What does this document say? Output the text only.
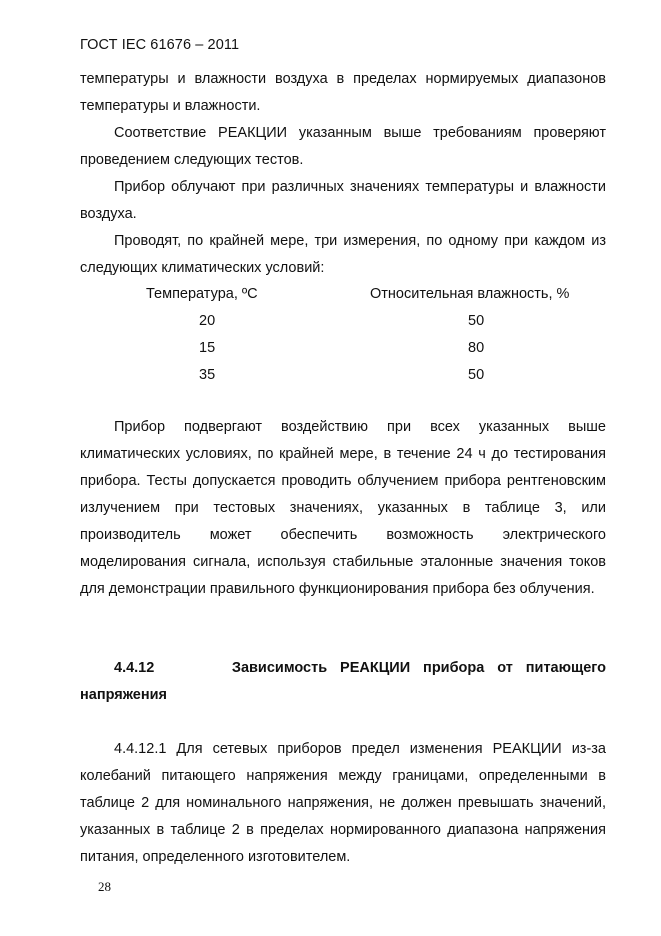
ГОСТ IEC 61676 – 2011

температуры и влажности воздуха в пределах нормируемых диапазонов температуры и влажности.

Соответствие РЕАКЦИИ указанным выше требованиям проверяют проведением следующих тестов.

Прибор облучают при различных значениях температуры и влажности воздуха.

Проводят, по крайней мере, три измерения, по одному при каждом из следующих климатических условий:

Температура, ºС	Относительная влажность, %
20	50
15	80
35	50

Прибор подвергают воздействию при всех указанных выше климатических условиях, по крайней мере, в течение 24 ч до тестирования прибора. Тесты допускается проводить облучением прибора рентгеновским излучением при тестовых значениях, указанных в таблице 3, или производитель может обеспечить возможность электрического моделирования сигнала, используя стабильные эталонные значения токов для демонстрации правильного функционирования прибора без облучения.

4.4.12	Зависимость РЕАКЦИИ прибора от питающего

напряжения

4.4.12.1 Для сетевых приборов предел изменения РЕАКЦИИ из-за колебаний питающего напряжения между границами, определенными в таблице 2 для номинального напряжения, не должен превышать значений, указанных в таблице 2 в пределах нормированного диапазона напряжения питания, определенного изготовителем.

28
